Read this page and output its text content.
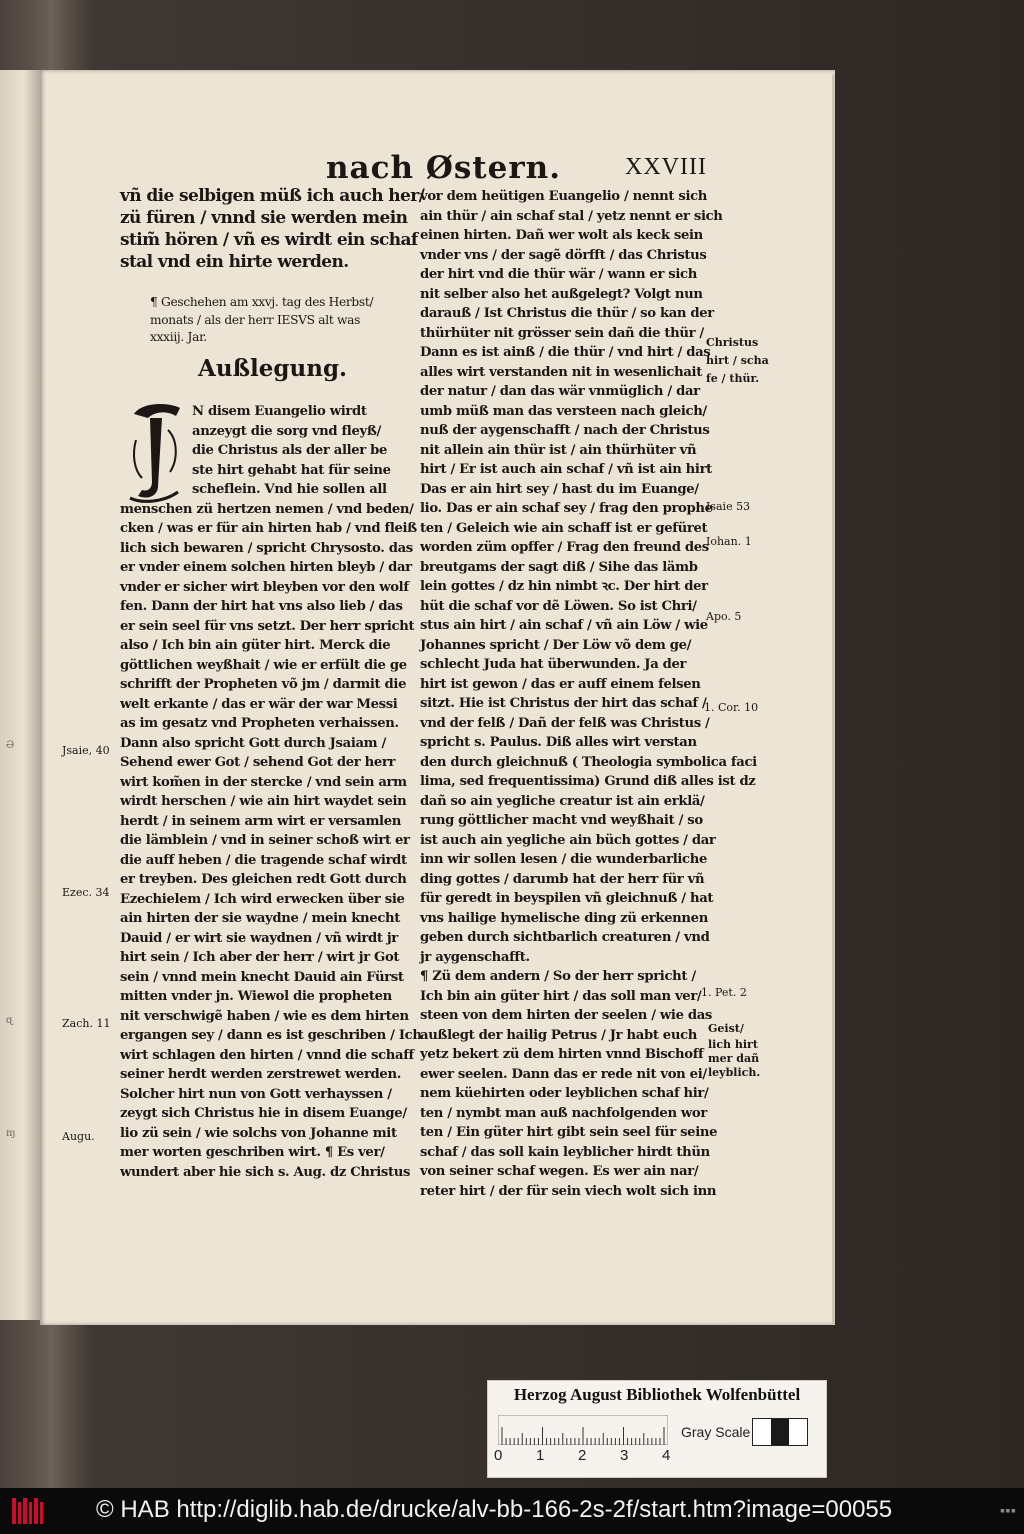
Ə
ɋ
ɱ
nach Østern.	XXVIII
vñ die selbigen müß ich auch her/
zü füren / vnnd sie werden mein
stim̃ hören / vñ es wirdt ein schaf
stal vnd ein hirte werden.
¶ Geschehen am xxvj. tag des Herbst/
monats / als der herr IESVS alt was
xxxiij. Jar.
Außlegung.
N disem Euangelio wirdt
anzeygt die sorg vnd fleyß/
die Christus als der aller be
ste hirt gehabt hat für seine
scheflein. Vnd hie sollen all
menschen zü hertzen nemen / vnd beden/
cken / was er für ain hirten hab / vnd fleiß
lich sich bewaren / spricht Chrysosto. das
er vnder einem solchen hirten bleyb / dar
vnder er sicher wirt bleyben vor den wolf
fen. Dann der hirt hat vns also lieb / das
er sein seel für vns setzt. Der herr spricht
also / Ich bin ain güter hirt. Merck die
göttlichen weyßhait / wie er erfült die ge
schrifft der Propheten võ jm / darmit die
welt erkante / das er wär der war Messi
as im gesatz vnd Propheten verhaissen.
Dann also spricht Gott durch Jsaiam /
Sehend ewer Got / sehend Got der herr
wirt kom̃en in der stercke / vnd sein arm
wirdt herschen / wie ain hirt waydet sein
herdt / in seinem arm wirt er versamlen
die lämblein / vnd in seiner schoß wirt er
die auff heben / die tragende schaf wirdt
er treyben. Des gleichen redt Gott durch
Ezechielem / Ich wird erwecken über sie
ain hirten der sie waydne / mein knecht
Dauid / er wirt sie waydnen / vñ wirdt jr
hirt sein / Ich aber der herr / wirt jr Got
sein / vnnd mein knecht Dauid ain Fürst
mitten vnder jn. Wiewol die propheten
nit verschwigẽ haben / wie es dem hirten
ergangen sey / dann es ist geschriben / Ich
wirt schlagen den hirten / vnnd die schaff
seiner herdt werden zerstrewet werden.
Solcher hirt nun von Gott verhayssen /
zeygt sich Christus hie in disem Euange/
lio zü sein / wie solchs von Johanne mit
mer worten geschriben wirt. ¶ Es ver/
wundert aber hie sich s. Aug. dz Christus
vor dem heütigen Euangelio / nennt sich
ain thür / ain schaf stal / yetz nennt er sich
einen hirten. Dañ wer wolt als keck sein
vnder vns / der sagẽ dörfft / das Christus
der hirt vnd die thür wär / wann er sich
nit selber also het außgelegt? Volgt nun
darauß / Ist Christus die thür / so kan der
thürhüter nit grösser sein dañ die thür /
Dann es ist ainß / die thür / vnd hirt / das
alles wirt verstanden nit in wesenlichait
der natur / dan das wär vnmüglich / dar
umb müß man das versteen nach gleich/
nuß der aygenschafft / nach der Christus
nit allein ain thür ist / ain thürhüter vñ
hirt / Er ist auch ain schaf / vñ ist ain hirt
Das er ain hirt sey / hast du im Euange/
lio. Das er ain schaf sey / frag den prophe
ten / Geleich wie ain schaff ist er gefüret
worden züm opffer / Frag den freund des
breutgams der sagt diß / Sihe das lämb
lein gottes / dz hin nimbt ꝛc. Der hirt der
hüt die schaf vor dẽ Löwen. So ist Chri/
stus ain hirt / ain schaf / vñ ain Löw / wie
Johannes spricht / Der Löw võ dem ge/
schlecht Juda hat überwunden. Ja der
hirt ist gewon / das er auff einem felsen
sitzt. Hie ist Christus der hirt das schaf /
vnd der felß / Dañ der felß was Christus /
spricht s. Paulus. Diß alles wirt verstan
den durch gleichnuß ( Theologia symbolica faci
lima, sed frequentissima) Grund diß alles ist dz
dañ so ain yegliche creatur ist ain erklä/
rung göttlicher macht vnd weyßhait / so
ist auch ain yegliche ain büch gottes / dar
inn wir sollen lesen / die wunderbarliche
ding gottes / darumb hat der herr für vñ
für geredt in beyspilen vñ gleichnuß / hat
vns hailige hymelische ding zü erkennen
geben durch sichtbarlich creaturen / vnd
jr aygenschafft.
¶ Zü dem andern / So der herr spricht /
Ich bin ain güter hirt / das soll man ver/
steen von dem hirten der seelen / wie das
außlegt der hailig Petrus / Jr habt euch
yetz bekert zü dem hirten vnnd Bischoff
ewer seelen. Dann das er rede nit von ei/
nem küehirten oder leyblichen schaf hir/
ten / nymbt man auß nachfolgenden wor
ten / Ein güter hirt gibt sein seel für seine
schaf / das soll kain leyblicher hirdt thün
von seiner schaf wegen. Es wer ain nar/
reter hirt / der für sein viech wolt sich inn
Jsaie, 40
Ezec. 34
Zach. 11
Augu.
Christus
hirt / scha
fe / thür.
Isaie 53
Iohan. 1
Apo. 5
1. Cor. 10
1. Pet. 2
Geist/
lich hirt
mer dañ
leyblich.
Herzog August Bibliothek Wolfenbüttel
0 1 2 3 4
Gray Scale
© HAB http://diglib.hab.de/drucke/alv-bb-166-2s-2f/start.htm?image=00055	▪▪▪
